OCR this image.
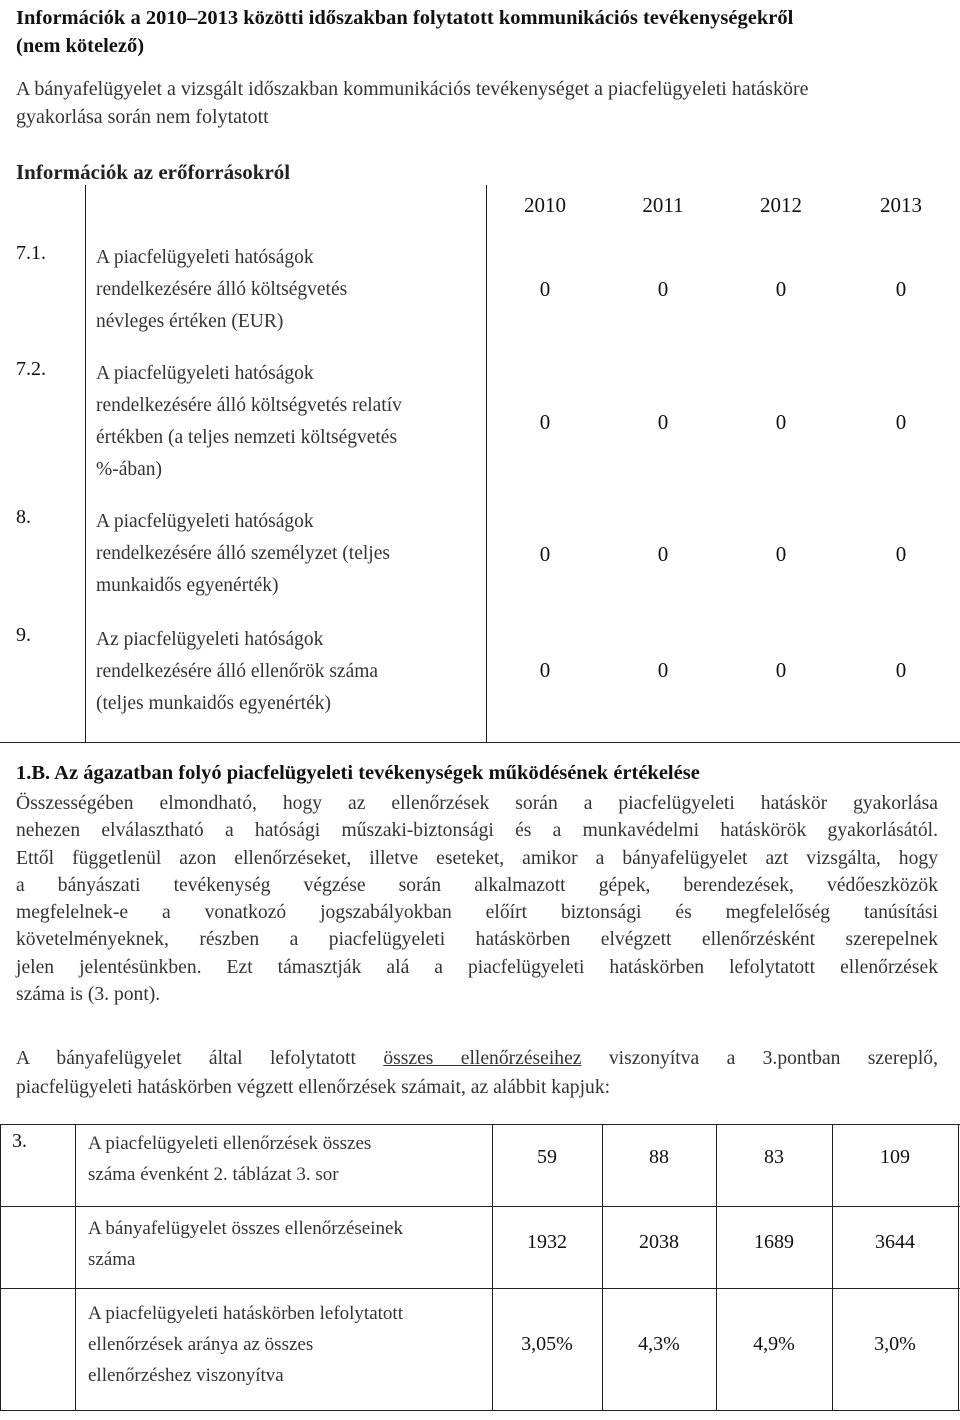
Információk a 2010–2013 közötti időszakban folytatott kommunikációs tevékenységekről
(nem kötelező)
A bányafelügyelet a vizsgált időszakban kommunikációs tevékenységet a piacfelügyeleti hatásköre
gyakorlása során nem folytatott
Információk az erőforrásokról
2010	2011	2012	2013
7.1.	A piacfelügyeleti hatóságok
rendelkezésére álló költségvetés
névleges értéken (EUR)
0	0	0	0
7.2.	A piacfelügyeleti hatóságok
rendelkezésére álló költségvetés relatív
értékben (a teljes nemzeti költségvetés
%-ában)
0	0	0	0
8.	A piacfelügyeleti hatóságok
rendelkezésére álló személyzet (teljes
munkaidős egyenérték)
0	0	0	0
9.	Az piacfelügyeleti hatóságok
rendelkezésére álló ellenőrök száma
(teljes munkaidős egyenérték)
0	0	0	0
1.B. Az ágazatban folyó piacfelügyeleti tevékenységek működésének értékelése
Összességében elmondható, hogy az ellenőrzések során a piacfelügyeleti hatáskör gyakorlása
nehezen elválasztható a hatósági műszaki-biztonsági és a munkavédelmi hatáskörök gyakorlásától.
Ettől függetlenül azon ellenőrzéseket, illetve eseteket, amikor a bányafelügyelet azt vizsgálta, hogy
a bányászati tevékenység végzése során alkalmazott gépek, berendezések, védőeszközök
megfelelnek-e a vonatkozó jogszabályokban előírt biztonsági és megfelelőség tanúsítási
követelményeknek, részben a piacfelügyeleti hatáskörben elvégzett ellenőrzésként szerepelnek
jelen jelentésünkben. Ezt támasztják alá a piacfelügyeleti hatáskörben lefolytatott ellenőrzések
száma is (3. pont).
A bányafelügyelet által lefolytatott összes ellenőrzéseihez viszonyítva a 3.pontban szereplő,
piacfelügyeleti hatáskörben végzett ellenőrzések számait, az alábbit kapjuk:
3.	A piacfelügyeleti ellenőrzések összes
száma évenként 2. táblázat 3. sor
59	88	83	109
A bányafelügyelet összes ellenőrzéseinek
száma
1932	2038	1689	3644
A piacfelügyeleti hatáskörben lefolytatott
ellenőrzések aránya az összes
ellenőrzéshez viszonyítva
3,05%	4,3%	4,9%	3,0%
